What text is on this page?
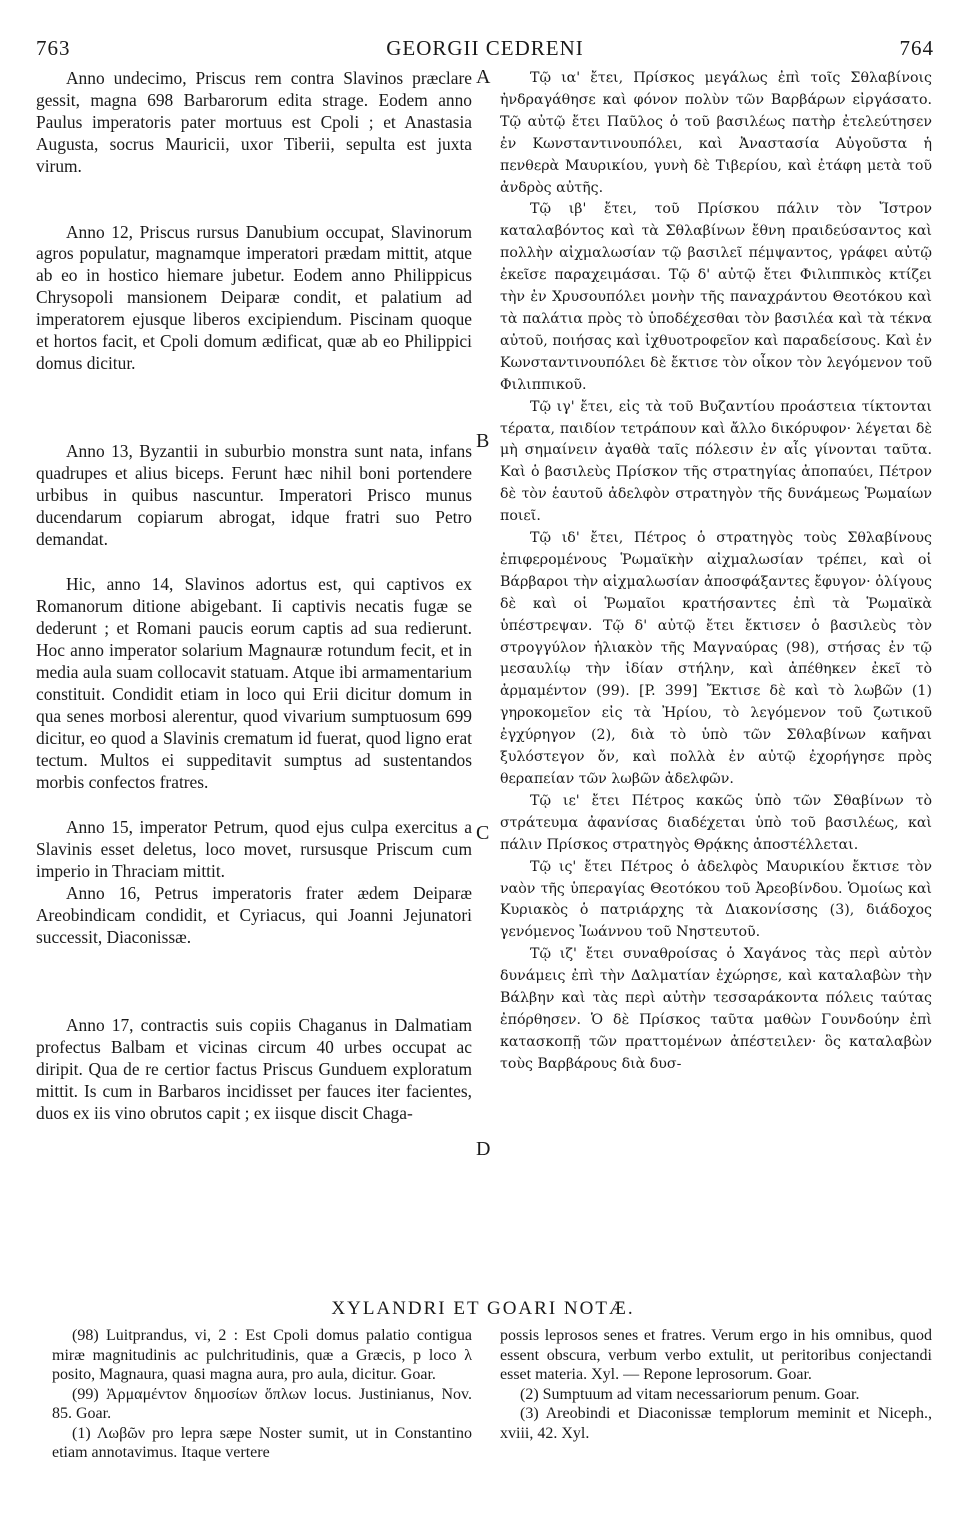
763	GEORGII CEDRENI	764

Anno undecimo, Priscus rem contra Slavinos præclare gessit, magna 698 Barbarorum edita strage. Eodem anno Paulus imperatoris pater mortuus est Cpoli ; et Anastasia Augusta, socrus Mauricii, uxor Tiberii, sepulta est juxta virum.

Anno 12, Priscus rursus Danubium occupat, Slavinorum agros populatur, magnamque imperatori prædam mittit, atque ab eo in hostico hiemare jubetur. Eodem anno Philippicus Chrysopoli mansionem Deiparæ condit, et palatium ad imperatorem ejusque liberos excipiendum. Piscinam quoque et hortos facit, et Cpoli domum ædificat, quæ ab eo Philippici domus dicitur.

Anno 13, Byzantii in suburbio monstra sunt nata, infans quadrupes et alius biceps. Ferunt hæc nihil boni portendere urbibus in quibus nascuntur. Imperatori Prisco munus ducendarum copiarum abrogat, idque fratri suo Petro demandat.

Hic, anno 14, Slavinos adortus est, qui captivos ex Romanorum ditione abigebant. Ii captivis necatis fugæ se dederunt ; et Romani paucis eorum captis ad sua redierunt. Hoc anno imperator solarium Magnauræ rotundum fecit, et in media aula suam collocavit statuam. Atque ibi armamentarium constituit. Condidit etiam in loco qui Erii dicitur domum in qua senes morbosi alerentur, quod vivarium sumptuosum 699 dicitur, eo quod a Slavinis crematum id fuerat, quod ligno erat tectum. Multos ei suppeditavit sumptus ad sustentandos morbis confectos fratres.

Anno 15, imperator Petrum, quod ejus culpa exercitus a Slavinis esset deletus, loco movet, rursusque Priscum cum imperio in Thraciam mittit.

Anno 16, Petrus imperatoris frater ædem Deiparæ Areobindicam condidit, et Cyriacus, qui Joanni Jejunatori successit, Diaconissæ.

Anno 17, contractis suis copiis Chaganus in Dalmatiam profectus Balbam et vicinas circum 40 urbes occupat ac diripit. Qua de re certior factus Priscus Gunduem exploratum mittit. Is cum in Barbaros incidisset per fauces iter facientes, duos ex iis vino obrutos capit ; ex iisque discit Chaga-

Τῷ ια' ἔτει, Πρίσκος μεγάλως ἐπὶ τοῖς Σθλαβίνοις ἠνδραγάθησε καὶ φόνον πολὺν τῶν Βαρβάρων εἰργάσατο. Τῷ αὐτῷ ἔτει Παῦλος ὁ τοῦ βασιλέως πατὴρ ἐτελεύτησεν ἐν Κωνσταντινουπόλει, καὶ Ἀναστασία Αὐγοῦστα ἡ πενθερὰ Μαυρικίου, γυνὴ δὲ Τιβερίου, καὶ ἐτάφη μετὰ τοῦ ἀνδρὸς αὐτῆς.

Τῷ ιβ' ἔτει, τοῦ Πρίσκου πάλιν τὸν Ἴστρον καταλαβόντος καὶ τὰ Σθλαβίνων ἔθνη πραιδεύσαντος καὶ πολλὴν αἰχμαλωσίαν τῷ βασιλεῖ πέμψαντος, γράφει αὐτῷ ἐκεῖσε παραχειμάσαι. Τῷ δ' αὐτῷ ἔτει Φιλιππικὸς κτίζει τὴν ἐν Χρυσουπόλει μονὴν τῆς παναχράντου Θεοτόκου καὶ τὰ παλάτια πρὸς τὸ ὑποδέχεσθαι τὸν βασιλέα καὶ τὰ τέκνα αὐτοῦ, ποιήσας καὶ ἰχθυοτροφεῖον καὶ παραδείσους. Καὶ ἐν Κωνσταντινουπόλει δὲ ἔκτισε τὸν οἶκον τὸν λεγόμενον τοῦ Φιλιππικοῦ.

Τῷ ιγ' ἔτει, εἰς τὰ τοῦ Βυζαντίου προάστεια τίκτονται τέρατα, παιδίον τετράπουν καὶ ἄλλο δικόρυφον· λέγεται δὲ μὴ σημαίνειν ἀγαθὰ ταῖς πόλεσιν ἐν αἷς γίνονται ταῦτα. Καὶ ὁ βασιλεὺς Πρίσκον τῆς στρατηγίας ἀποπαύει, Πέτρον δὲ τὸν ἑαυτοῦ ἀδελφὸν στρατηγὸν τῆς δυνάμεως Ῥωμαίων ποιεῖ.

Τῷ ιδ' ἔτει, Πέτρος ὁ στρατηγὸς τοὺς Σθλαβίνους ἐπιφερομένους Ῥωμαϊκὴν αἰχμαλωσίαν τρέπει, καὶ οἱ Βάρβαροι τὴν αἰχμαλωσίαν ἀποσφάξαντες ἔφυγον· ὀλίγους δὲ καὶ οἱ Ῥωμαῖοι κρατήσαντες ἐπὶ τὰ Ῥωμαϊκὰ ὑπέστρεψαν. Τῷ δ' αὐτῷ ἔτει ἔκτισεν ὁ βασιλεὺς τὸν στρογγύλον ἡλιακὸν τῆς Μαγναύρας (98), στήσας ἐν τῷ μεσαυλίῳ τὴν ἰδίαν στήλην, καὶ ἀπέθηκεν ἐκεῖ τὸ ἀρμαμέντον (99). [P. 399] Ἔκτισε δὲ καὶ τὸ λωβῶν (1) γηροκομεῖον εἰς τὰ Ἠρίου, τὸ λεγόμενον τοῦ ζωτικοῦ ἐγχύρηγον (2), διὰ τὸ ὑπὸ τῶν Σθλαβίνων καῆναι ξυλόστεγον ὄν, καὶ πολλὰ ἐν αὐτῷ ἐχορήγησε πρὸς θεραπείαν τῶν λωβῶν ἀδελφῶν.

Τῷ ιε' ἔτει Πέτρος κακῶς ὑπὸ τῶν Σθαβίνων τὸ στράτευμα ἀφανίσας διαδέχεται ὑπὸ τοῦ βασιλέως, καὶ πάλιν Πρίσκος στρατηγὸς Θρᾴκης ἀποστέλλεται.

Τῷ ις' ἔτει Πέτρος ὁ ἀδελφὸς Μαυρικίου ἔκτισε τὸν ναὸν τῆς ὑπεραγίας Θεοτόκου τοῦ Ἀρεοβίνδου. Ὁμοίως καὶ Κυριακὸς ὁ πατριάρχης τὰ Διακονίσσης (3), διάδοχος γενόμενος Ἰωάννου τοῦ Νηστευτοῦ.

Τῷ ιζ' ἔτει συναθροίσας ὁ Χαγάνος τὰς περὶ αὐτὸν δυνάμεις ἐπὶ τὴν Δαλματίαν ἐχώρησε, καὶ καταλαβὼν τὴν Βάλβην καὶ τὰς περὶ αὐτὴν τεσσαράκοντα πόλεις ταύτας ἐπόρθησεν. Ὁ δὲ Πρίσκος ταῦτα μαθὼν Γουνδούην ἐπὶ κατασκοπῇ τῶν πραττομένων ἀπέστειλεν· ὃς καταλαβὼν τοὺς Βαρβάρους διὰ δυσ-

A
B
C
D
XYLANDRI ET GOARI NOTÆ.

(98) Luitprandus, vi, 2 : Est Cpoli domus palatio contigua miræ magnitudinis ac pulchritudinis, quæ a Græcis, p loco λ posito, Magnaura, quasi magna aura, pro aula, dicitur. Goar.

(99) Ἀρμαμέντον δημοσίων ὅπλων locus. Justinianus, Nov. 85. Goar.

(1) Λωβῶν pro lepra sæpe Noster sumit, ut in Constantino etiam annotavimus. Itaque vertere

possis leprosos senes et fratres. Verum ergo in his omnibus, quod essent obscura, verbum verbo extulit, ut peritoribus conjectandi esset materia. Xyl. — Repone leprosorum. Goar.

(2) Sumptuum ad vitam necessariorum penum. Goar.

(3) Areobindi et Diaconissæ templorum meminit et Niceph., xviii, 42. Xyl.
